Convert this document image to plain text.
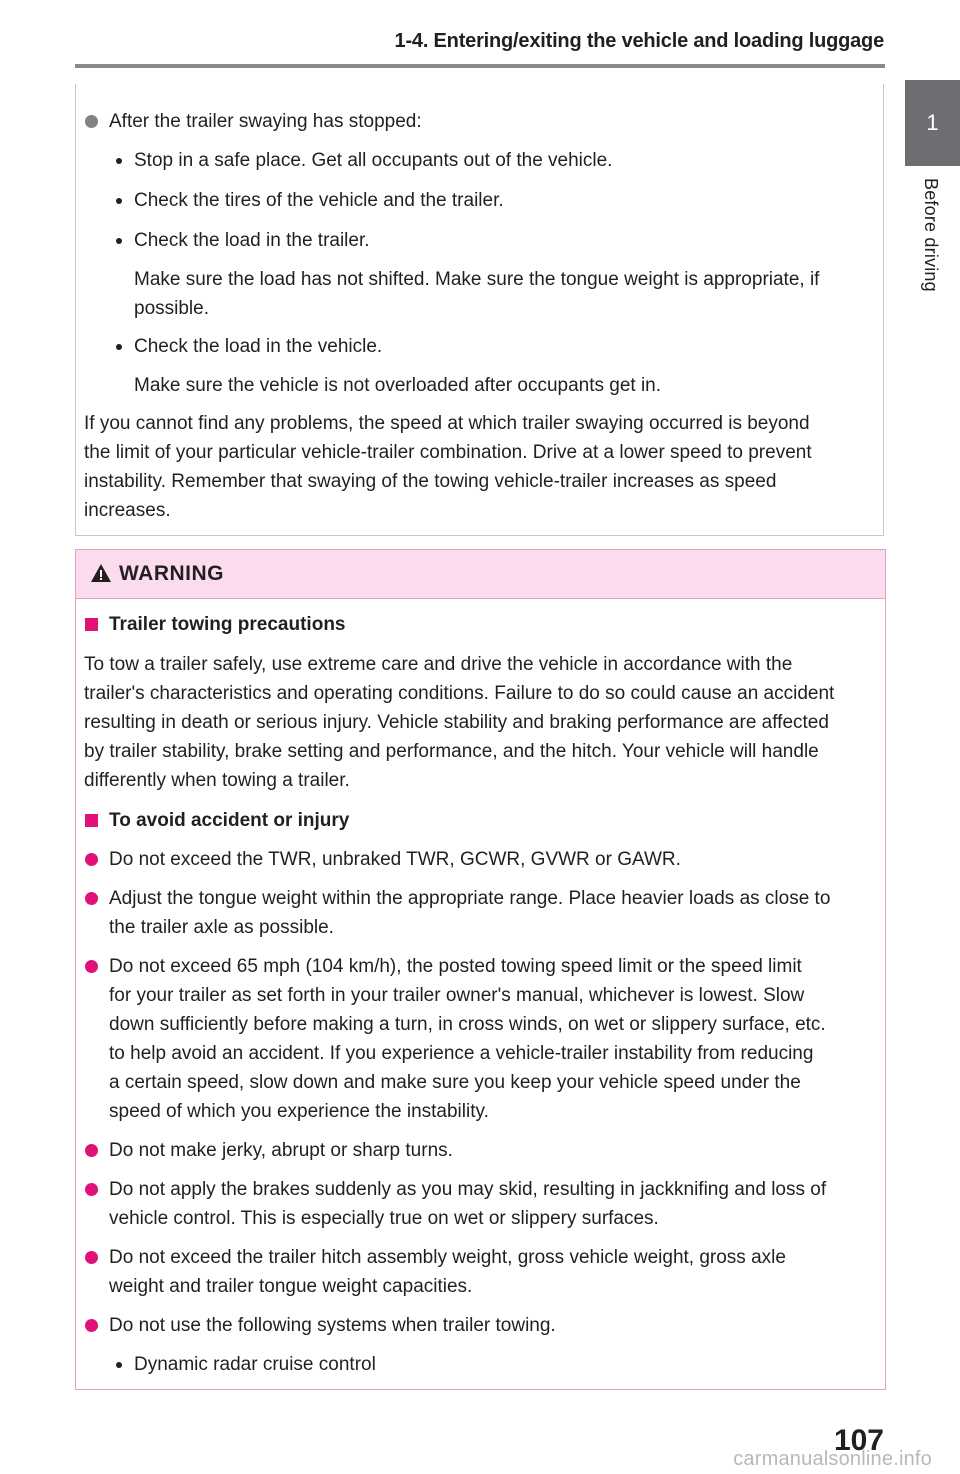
1-4. Entering/exiting the vehicle and loading luggage
1
Before driving
After the trailer swaying has stopped:
Stop in a safe place. Get all occupants out of the vehicle.
Check the tires of the vehicle and the trailer.
Check the load in the trailer.
Make sure the load has not shifted. Make sure the tongue weight is appropriate, if
possible.
Check the load in the vehicle.
Make sure the vehicle is not overloaded after occupants get in.
If you cannot find any problems, the speed at which trailer swaying occurred is beyond
the limit of your particular vehicle-trailer combination. Drive at a lower speed to prevent
instability. Remember that swaying of the towing vehicle-trailer increases as speed
increases.
WARNING
Trailer towing precautions
To tow a trailer safely, use extreme care and drive the vehicle in accordance with the
trailer's characteristics and operating conditions. Failure to do so could cause an accident
resulting in death or serious injury. Vehicle stability and braking performance are affected
by trailer stability, brake setting and performance, and the hitch. Your vehicle will handle
differently when towing a trailer.
To avoid accident or injury
Do not exceed the TWR, unbraked TWR, GCWR, GVWR or GAWR.
Adjust the tongue weight within the appropriate range. Place heavier loads as close to
the trailer axle as possible.
Do not exceed 65 mph (104 km/h), the posted towing speed limit or the speed limit
for your trailer as set forth in your trailer owner's manual, whichever is lowest. Slow
down sufficiently before making a turn, in cross winds, on wet or slippery surface, etc.
to help avoid an accident. If you experience a vehicle-trailer instability from reducing
a certain speed, slow down and make sure you keep your vehicle speed under the
speed of which you experience the instability.
Do not make jerky, abrupt or sharp turns.
Do not apply the brakes suddenly as you may skid, resulting in jackknifing and loss of
vehicle control. This is especially true on wet or slippery surfaces.
Do not exceed the trailer hitch assembly weight, gross vehicle weight, gross axle
weight and trailer tongue weight capacities.
Do not use the following systems when trailer towing.
Dynamic radar cruise control
107
carmanualsonline.info
